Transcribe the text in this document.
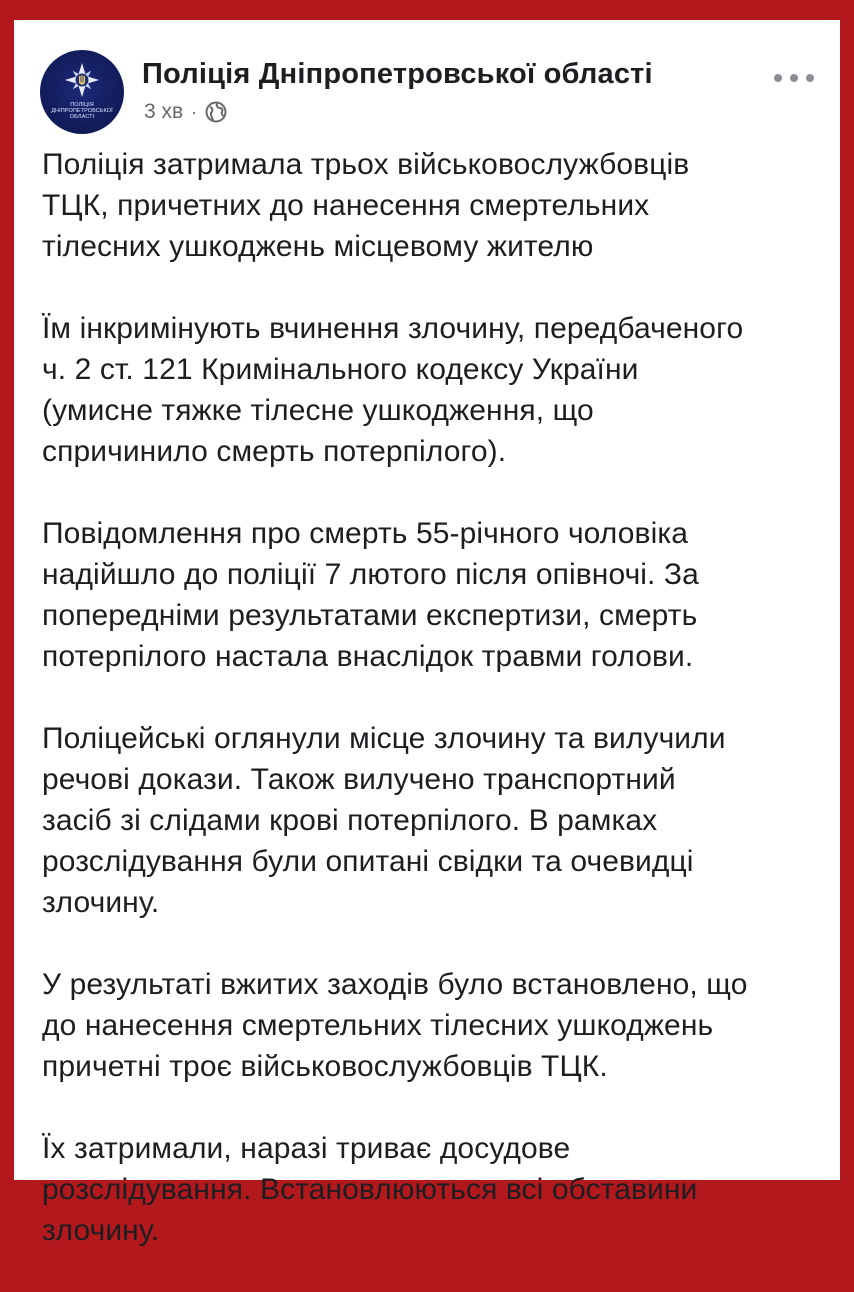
ПОЛІЦІЯ ДНІПРОПЕТРОВСЬКОЇ ОБЛАСТІ
Поліція Дніпропетровської області
3 хв ·

Поліція затримала трьох військовослужбовців
ТЦК, причетних до нанесення смертельних
тілесних ушкоджень місцевому жителю

Їм інкримінують вчинення злочину, передбаченого
ч. 2 ст. 121 Кримінального кодексу України
(умисне тяжке тілесне ушкодження, що
спричинило смерть потерпілого).

Повідомлення про смерть 55-річного чоловіка
надійшло до поліції 7 лютого після опівночі. За
попередніми результатами експертизи, смерть
потерпілого настала внаслідок травми голови.

Поліцейські оглянули місце злочину та вилучили
речові докази. Також вилучено транспортний
засіб зі слідами крові потерпілого. В рамках
розслідування були опитані свідки та очевидці
злочину.

У результаті вжитих заходів було встановлено, що
до нанесення смертельних тілесних ушкоджень
причетні троє військовослужбовців ТЦК.

Їх затримали, наразі триває досудове
розслідування. Встановлюються всі обставини
злочину.
